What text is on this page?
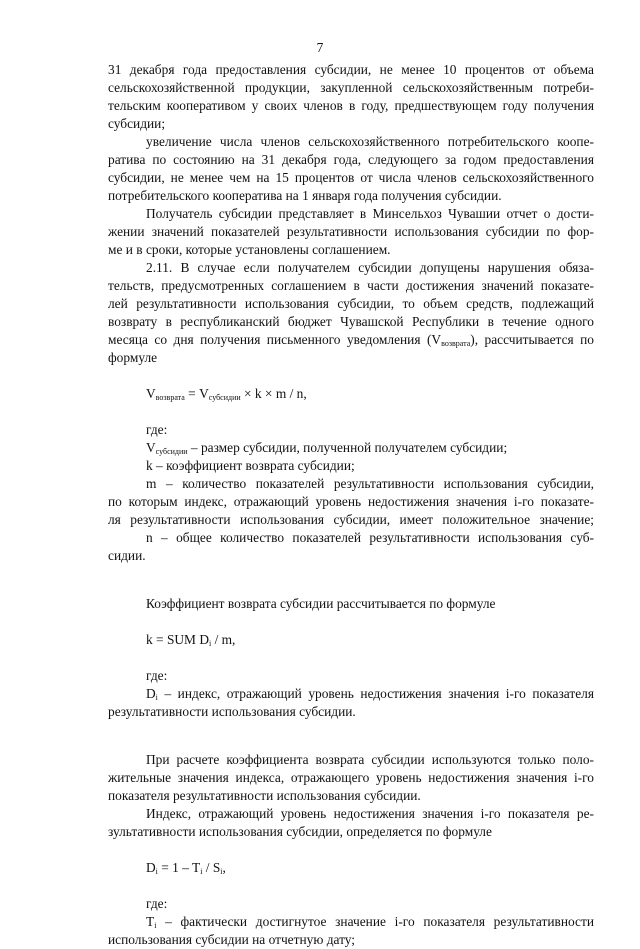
7

31 декабря года предоставления субсидии, не менее 10 процентов от объема

сельскохозяйственной продукции, закупленной сельскохозяйственным потреби-

тельским кооперативом у своих членов в году, предшествующем году получения

субсидии;

увеличение числа членов сельскохозяйственного потребительского коопе-

ратива по состоянию на 31 декабря года, следующего за годом предоставления

субсидии, не менее чем на 15 процентов от числа членов сельскохозяйственного

потребительского кооператива на 1 января года получения субсидии.

Получатель субсидии представляет в Минсельхоз Чувашии отчет о дости-

жении значений показателей результативности использования субсидии по фор-

ме и в сроки, которые установлены соглашением.

2.11. В случае если получателем субсидии допущены нарушения обяза-

тельств, предусмотренных соглашением в части достижения значений показате-

лей результативности использования субсидии, то объем средств, подлежащий

возврату в республиканский бюджет Чувашской Республики в течение одного

месяца со дня получения письменного уведомления $(V_{возврата})$, рассчитывается по

формуле

$V_{возврата} = V_{субсидии} \times k \times m / n$,

где:

$V_{субсидии}$ – размер субсидии, полученной получателем субсидии;

k – коэффициент возврата субсидии;

m – количество показателей результативности использования субсидии,

по которым индекс, отражающий уровень недостижения значения i-го показате-

ля результативности использования субсидии, имеет положительное значение;

n – общее количество показателей результативности использования суб-

сидии.

Коэффициент возврата субсидии рассчитывается по формуле

k = SUM $D_i$ / m,

где:

$D_i$ – индекс, отражающий уровень недостижения значения i-го показателя

результативности использования субсидии.

При расчете коэффициента возврата субсидии используются только поло-

жительные значения индекса, отражающего уровень недостижения значения i-го

показателя результативности использования субсидии.

Индекс, отражающий уровень недостижения значения i-го показателя ре-

зультативности использования субсидии, определяется по формуле

$D_i = 1 - T_i / S_i$,

где:

$T_i$ – фактически достигнутое значение i-го показателя результативности

использования субсидии на отчетную дату;
